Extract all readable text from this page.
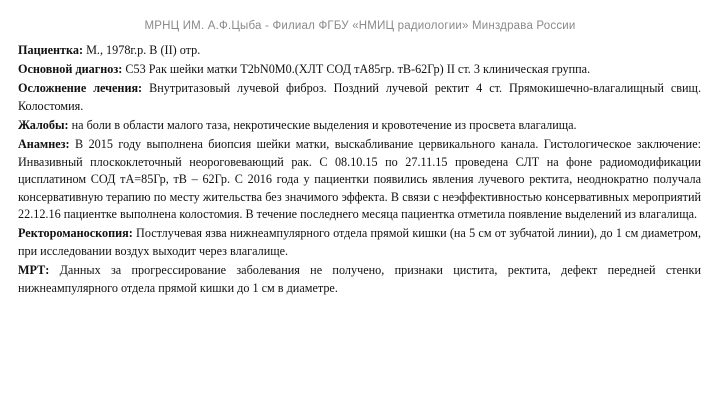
МРНЦ ИМ. А.Ф.Цыба - Филиал ФГБУ «НМИЦ радиологии» Минздрава России

Пациентка: М., 1978г.р. В (II) отр.

Основной диагноз: С53 Рак шейки матки T2bN0M0.(ХЛТ СОД тА85гр. тВ-62Гр) II ст. 3 клиническая группа.

Осложнение лечения: Внутритазовый лучевой фиброз. Поздний лучевой ректит 4 ст. Прямокишечно-влагалищный свищ. Колостомия.

Жалобы: на боли в области малого таза, некротические выделения и кровотечение из просвета влагалища.

Анамнез: В 2015 году выполнена биопсия шейки матки, выскабливание цервикального канала. Гистологическое заключение: Инвазивный плоскоклеточный неороговевающий рак. С 08.10.15 по 27.11.15 проведена СЛТ на фоне радиомодификации цисплатином СОД тА=85Гр, тВ – 62Гр. С 2016 года у пациентки появились явления лучевого ректита, неоднократно получала консервативную терапию по месту жительства без значимого эффекта. В связи с неэффективностью консервативных мероприятий 22.12.16 пациентке выполнена колостомия. В течение последнего месяца пациентка отметила появление выделений из влагалища.

Ректороманоскопия: Постлучевая язва нижнеампулярного отдела прямой кишки (на 5 см от зубчатой линии), до 1 см диаметром, при исследовании воздух выходит через влагалище.

МРТ: Данных за прогрессирование заболевания не получено, признаки цистита, ректита, дефект передней стенки нижнеампулярного отдела прямой кишки до 1 см в диаметре.
